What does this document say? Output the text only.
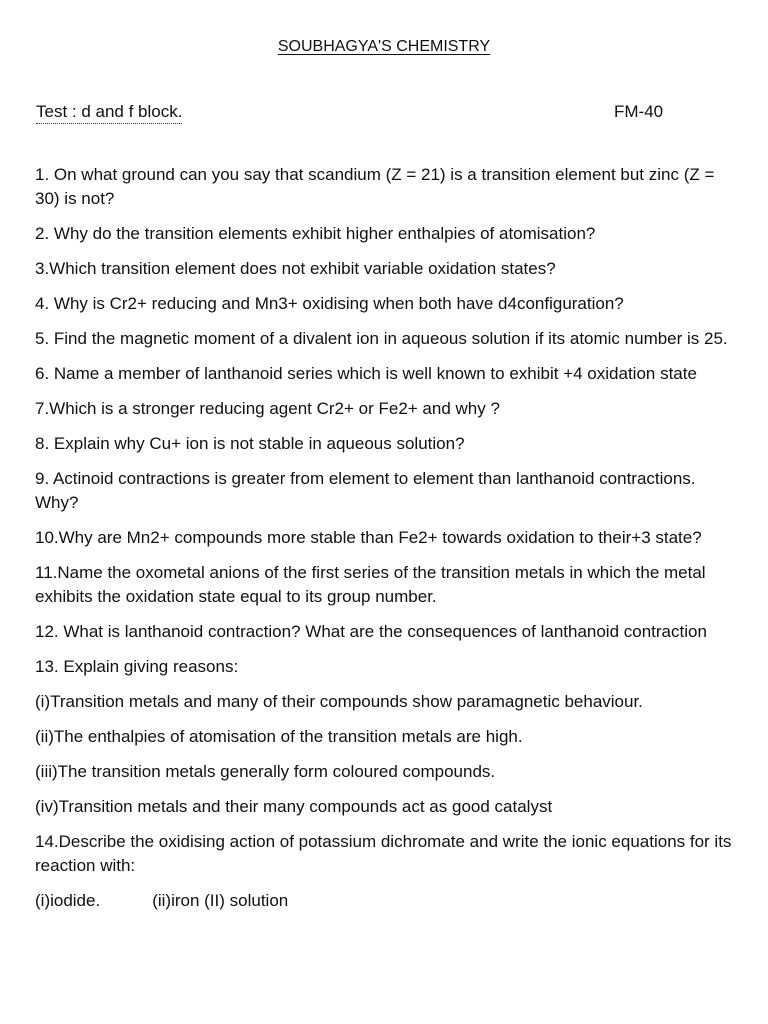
SOUBHAGYA'S CHEMISTRY
Test : d and f block.	FM-40

1. On what ground can you say that scandium (Z = 21) is a transition element but zinc (Z = 30) is not?

2. Why do the transition elements exhibit higher enthalpies of atomisation?

3.Which transition element does not exhibit variable oxidation states?

4. Why is Cr2+ reducing and Mn3+ oxidising when both have d4configuration?

5. Find the magnetic moment of a divalent ion in aqueous solution if its atomic number is 25.

6. Name a member of lanthanoid series which is well known to exhibit +4 oxidation state

7.Which is a stronger reducing agent Cr2+ or Fe2+ and why ?

8. Explain why Cu+ ion is not stable in aqueous solution?

9. Actinoid contractions is greater from element to element than lanthanoid contractions. Why?

10.Why are Mn2+ compounds more stable than Fe2+ towards oxidation to their+3 state?

11.Name the oxometal anions of the first series of the transition metals in which the metal exhibits the oxidation state equal to its group number.

12. What is lanthanoid contraction? What are the consequences of lanthanoid contraction

13. Explain giving reasons:

(i)Transition metals and many of their compounds show paramagnetic behaviour.

(ii)The enthalpies of atomisation of the transition metals are high.

(iii)The transition metals generally form coloured compounds.

(iv)Transition metals and their many compounds act as good catalyst

14.Describe the oxidising action of potassium dichromate and write the ionic equations for its reaction with:

(i)iodide.	(ii)iron (II) solution
